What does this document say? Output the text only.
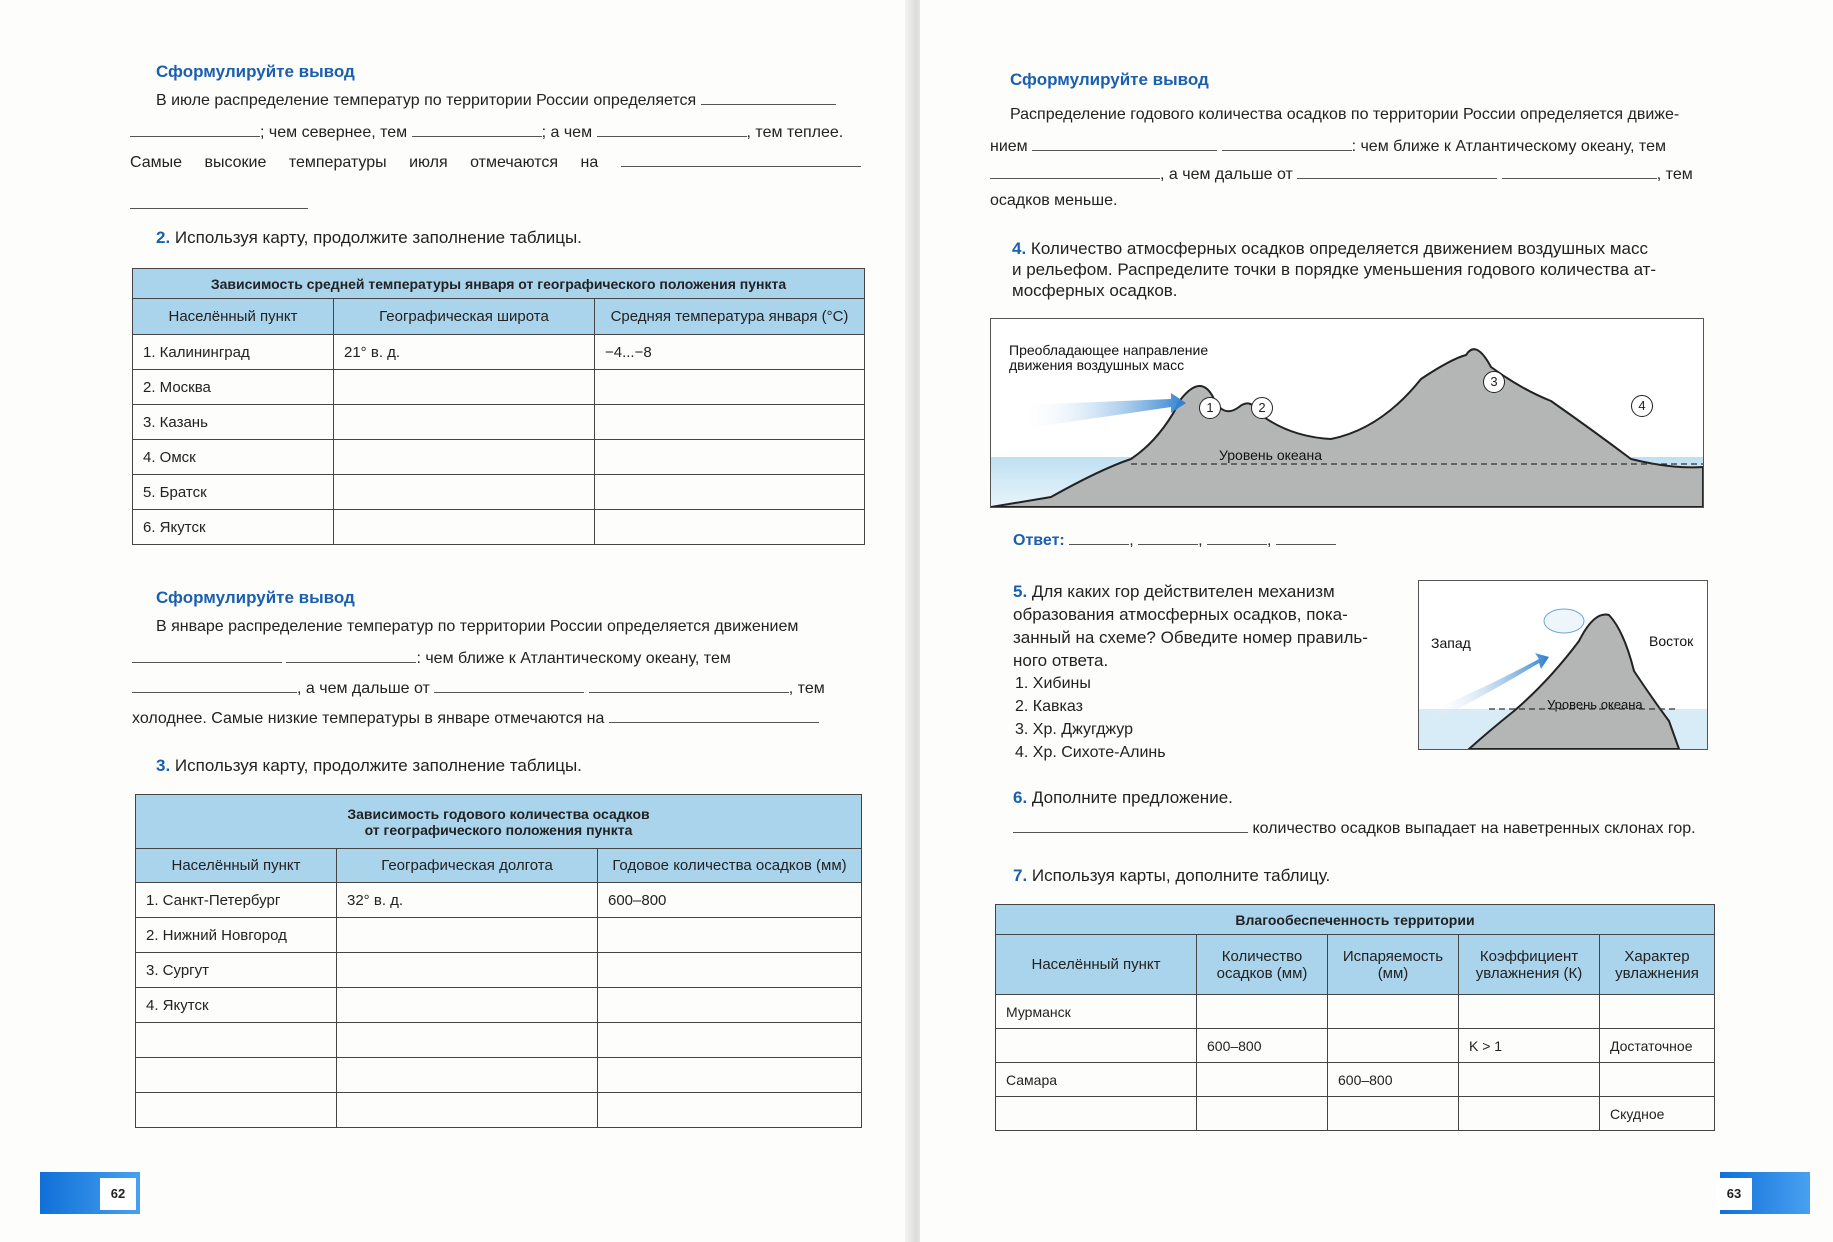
Сформулируйте вывод
В июле распределение температур по территории России определяется
; чем севернее, тем	; а чем	, тем теплее.
Самые высокие температуры июля отмечаются на
2. Используя карту, продолжите заполнение таблицы.
Зависимость средней температуры января от географического положения пункта		
Населённый пункт	Географическая широта	Средняя температура января (°С)
1. Калининград	21° в. д.	−4...−8
2. Москва		
3. Казань		
4. Омск		
5. Братск		
6. Якутск		
Сформулируйте вывод
В январе распределение температур по территории России определяется движением
: чем ближе к Атлантическому океану, тем
, а чем дальше от	, тем
холоднее. Самые низкие температуры в январе отмечаются на
3. Используя карту, продолжите заполнение таблицы.
Зависимость годового количества осадков
от географического положения пункта		

Населённый пункт	Географическая долгота	Годовое количества осадков (мм)
1. Санкт-Петербург	32° в. д.	600–800
2. Нижний Новгород		
3. Сургут		
4. Якутск		

62
Сформулируйте вывод
Распределение годового количества осадков по территории России определяется движе-
нием	: чем ближе к Атлантическому океану, тем
, а чем дальше от	, тем
осадков меньше.
4. Количество атмосферных осадков определяется движением воздушных масс
и рельефом. Распределите точки в порядке уменьшения годового количества ат-
мосферных осадков.
Преобладающее направление
движения воздушных масс
Уровень океана
1	2
3
4
Ответ:	,	,	,
5. Для каких гор действителен механизм
образования атмосферных осадков, пока-
занный на схеме? Обведите номер правиль-
ного ответа.
1. Хибины
2. Кавказ
3. Хр. Джугджур
4. Хр. Сихоте-Алинь
Запад	Восток
Уровень океана
6. Дополните предложение.
количество осадков выпадает на наветренных склонах гор.
7. Используя карты, дополните таблицу.
Влагообеспеченность территории				
Населённый пункт	Количество осадков (мм)	Испаряемость (мм)	Коэффициент увлажнения (К)	Характер увлажнения
Мурманск				
	600–800		K > 1	Достаточное
Самара		600–800		
				Скудное
63
